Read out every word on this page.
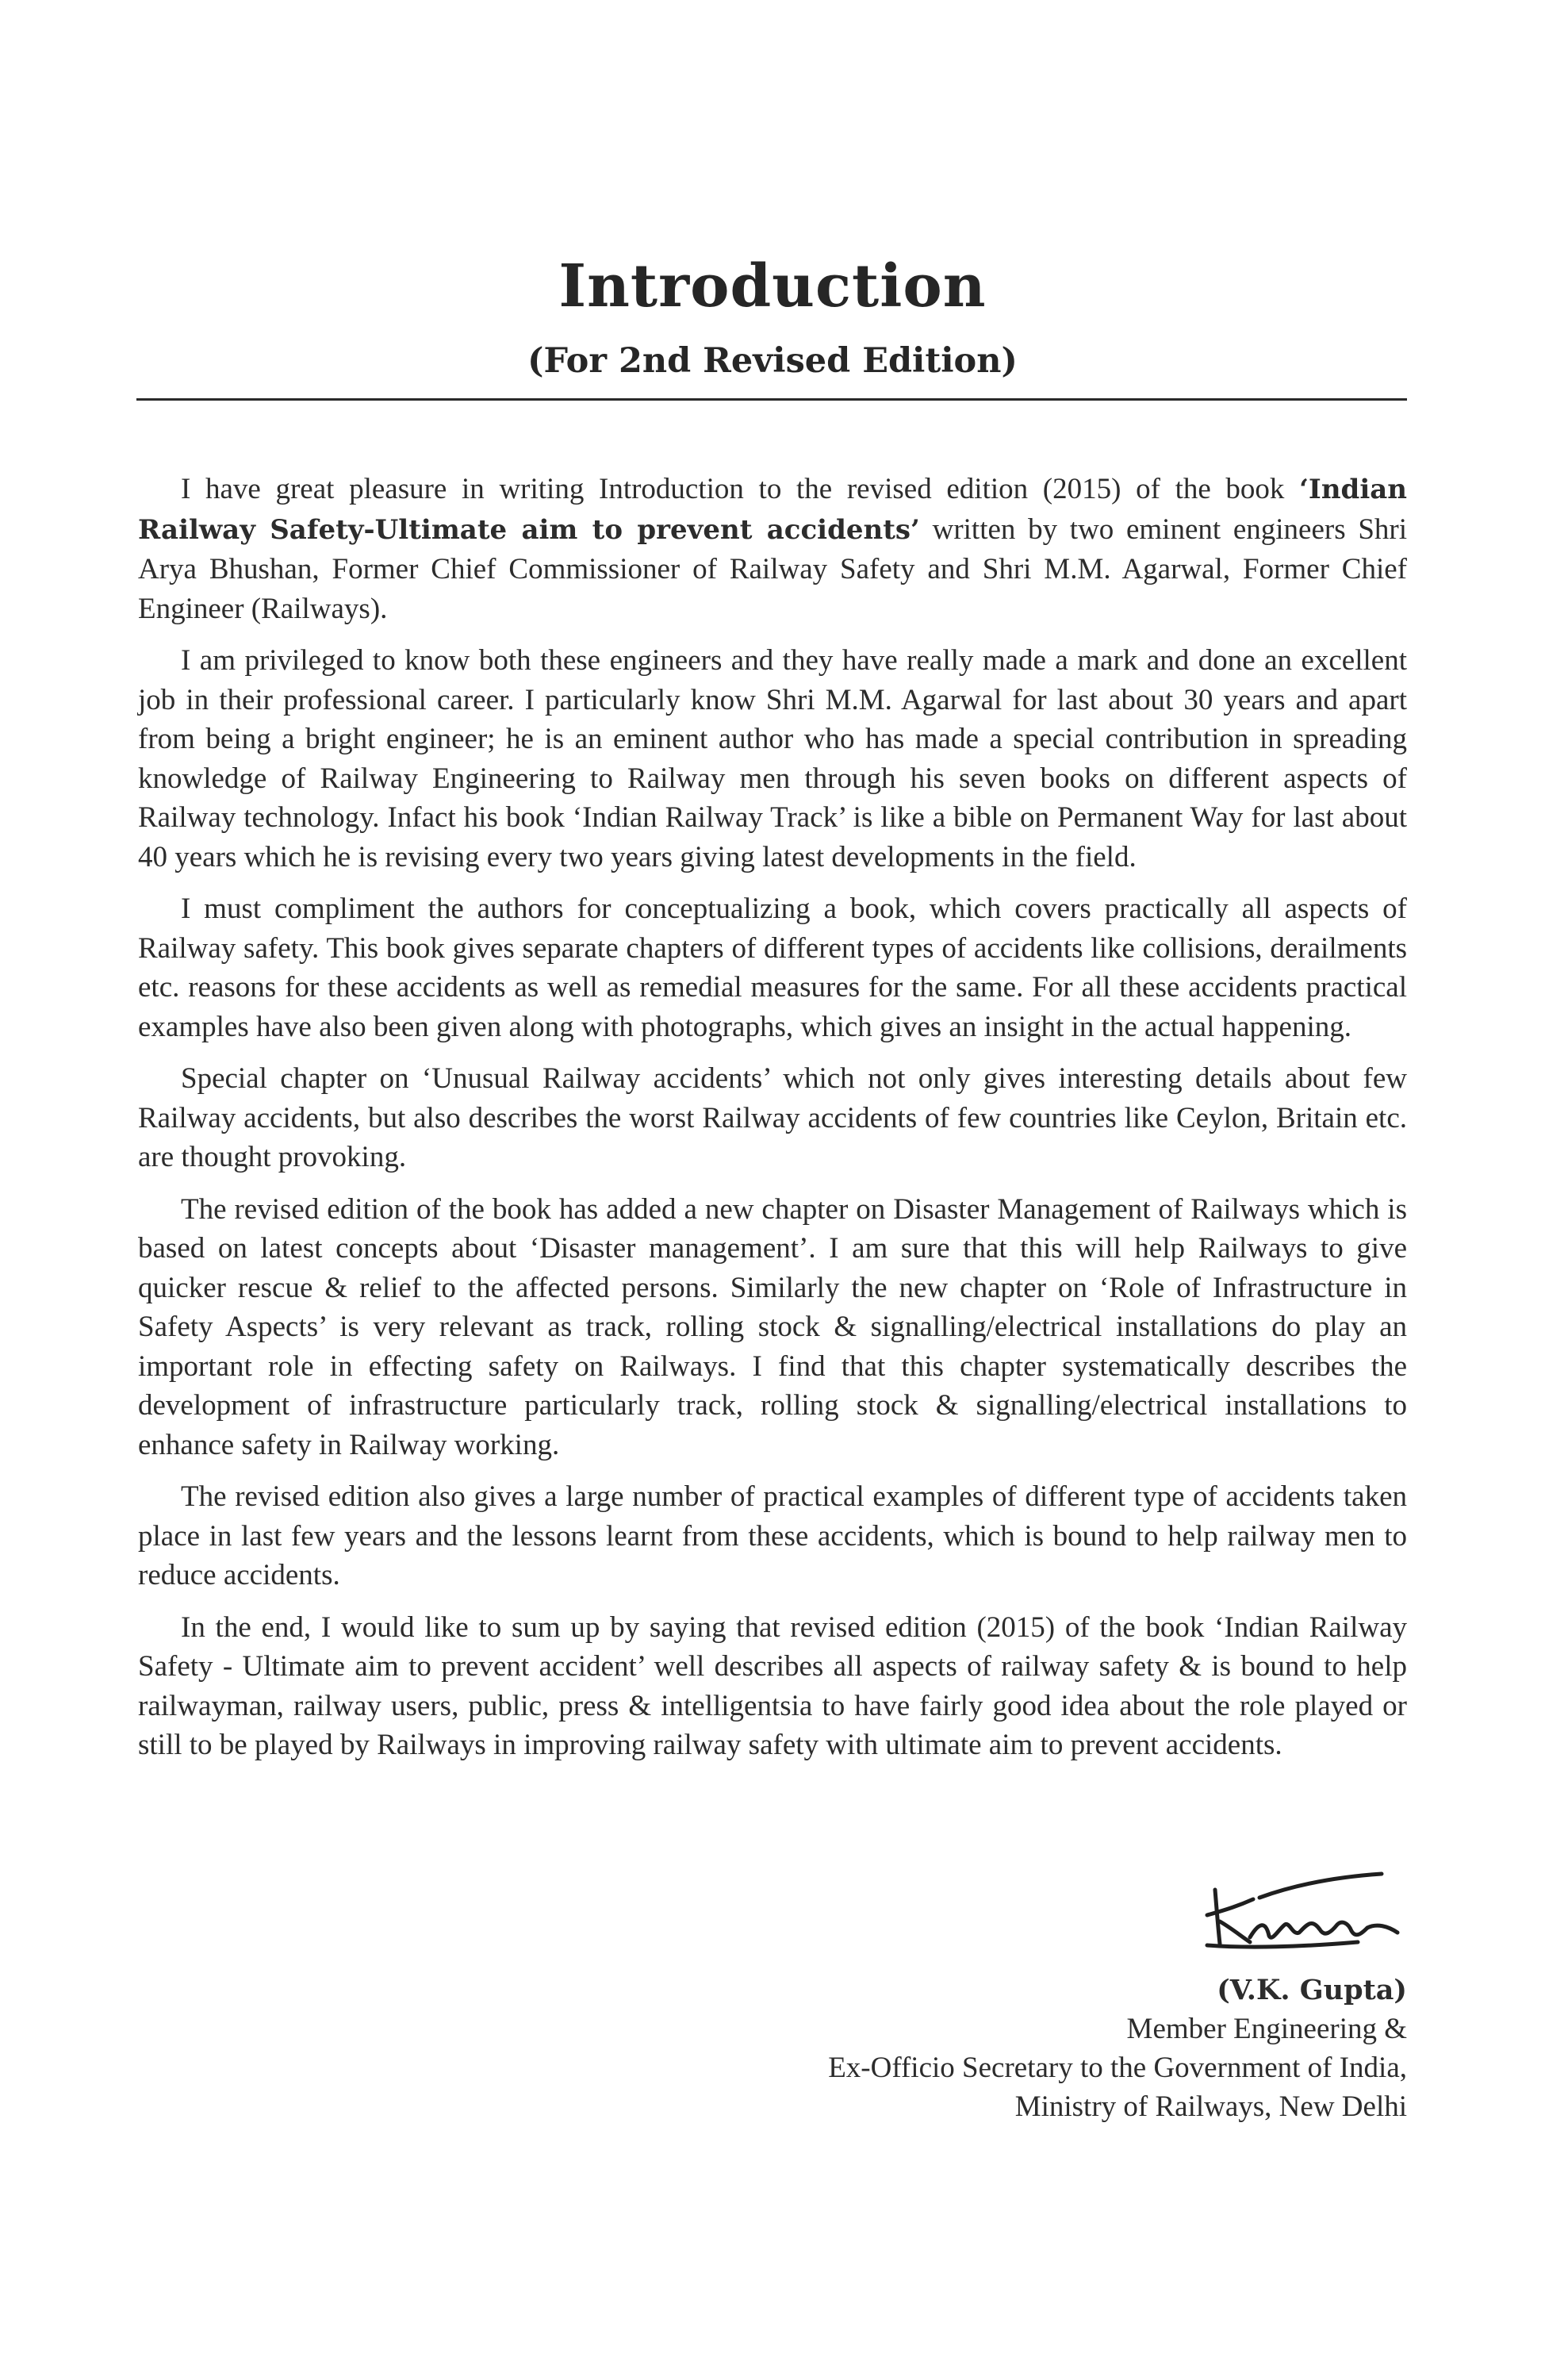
Introduction
(For 2nd Revised Edition)

I have great pleasure in writing Introduction to the revised edition (2015) of the book ‘Indian Railway Safety-Ultimate aim to prevent accidents’ written by two eminent engineers Shri Arya Bhushan, Former Chief Commissioner of Railway Safety and Shri M.M. Agarwal, Former Chief Engineer (Railways).

I am privileged to know both these engineers and they have really made a mark and done an excellent job in their professional career. I particularly know Shri M.M. Agarwal for last about 30 years and apart from being a bright engineer; he is an eminent author who has made a special contribution in spreading knowledge of Railway Engineering to Railway men through his seven books on different aspects of Railway technology. Infact his book ‘Indian Railway Track’ is like a bible on Permanent Way for last about 40 years which he is revising every two years giving latest developments in the field.

I must compliment the authors for conceptualizing a book, which covers practically all aspects of Railway safety. This book gives separate chapters of different types of accidents like collisions, derailments etc. reasons for these accidents as well as remedial measures for the same. For all these accidents practical examples have also been given along with photographs, which gives an insight in the actual happening.

Special chapter on ‘Unusual Railway accidents’ which not only gives interesting details about few Railway accidents, but also describes the worst Railway accidents of few countries like Ceylon, Britain etc. are thought provoking.

The revised edition of the book has added a new chapter on Disaster Management of Railways which is based on latest concepts about ‘Disaster management’. I am sure that this will help Railways to give quicker rescue & relief to the affected persons. Similarly the new chapter on ‘Role of Infrastructure in Safety Aspects’ is very relevant as track, rolling stock & signalling/electrical installations do play an important role in effecting safety on Railways. I find that this chapter systematically describes the development of infrastructure particularly track, rolling stock & signalling/electrical installations to enhance safety in Railway working.

The revised edition also gives a large number of practical examples of different type of accidents taken place in last few years and the lessons learnt from these accidents, which is bound to help railway men to reduce accidents.

In the end, I would like to sum up by saying that revised edition (2015) of the book ‘Indian Railway Safety - Ultimate aim to prevent accident’ well describes all aspects of railway safety & is bound to help railwayman, railway users, public, press & intelligentsia to have fairly good idea about the role played or still to be played by Railways in improving railway safety with ultimate aim to prevent accidents.

(V.K. Gupta)
Member Engineering &
Ex-Officio Secretary to the Government of India,
Ministry of Railways, New Delhi
